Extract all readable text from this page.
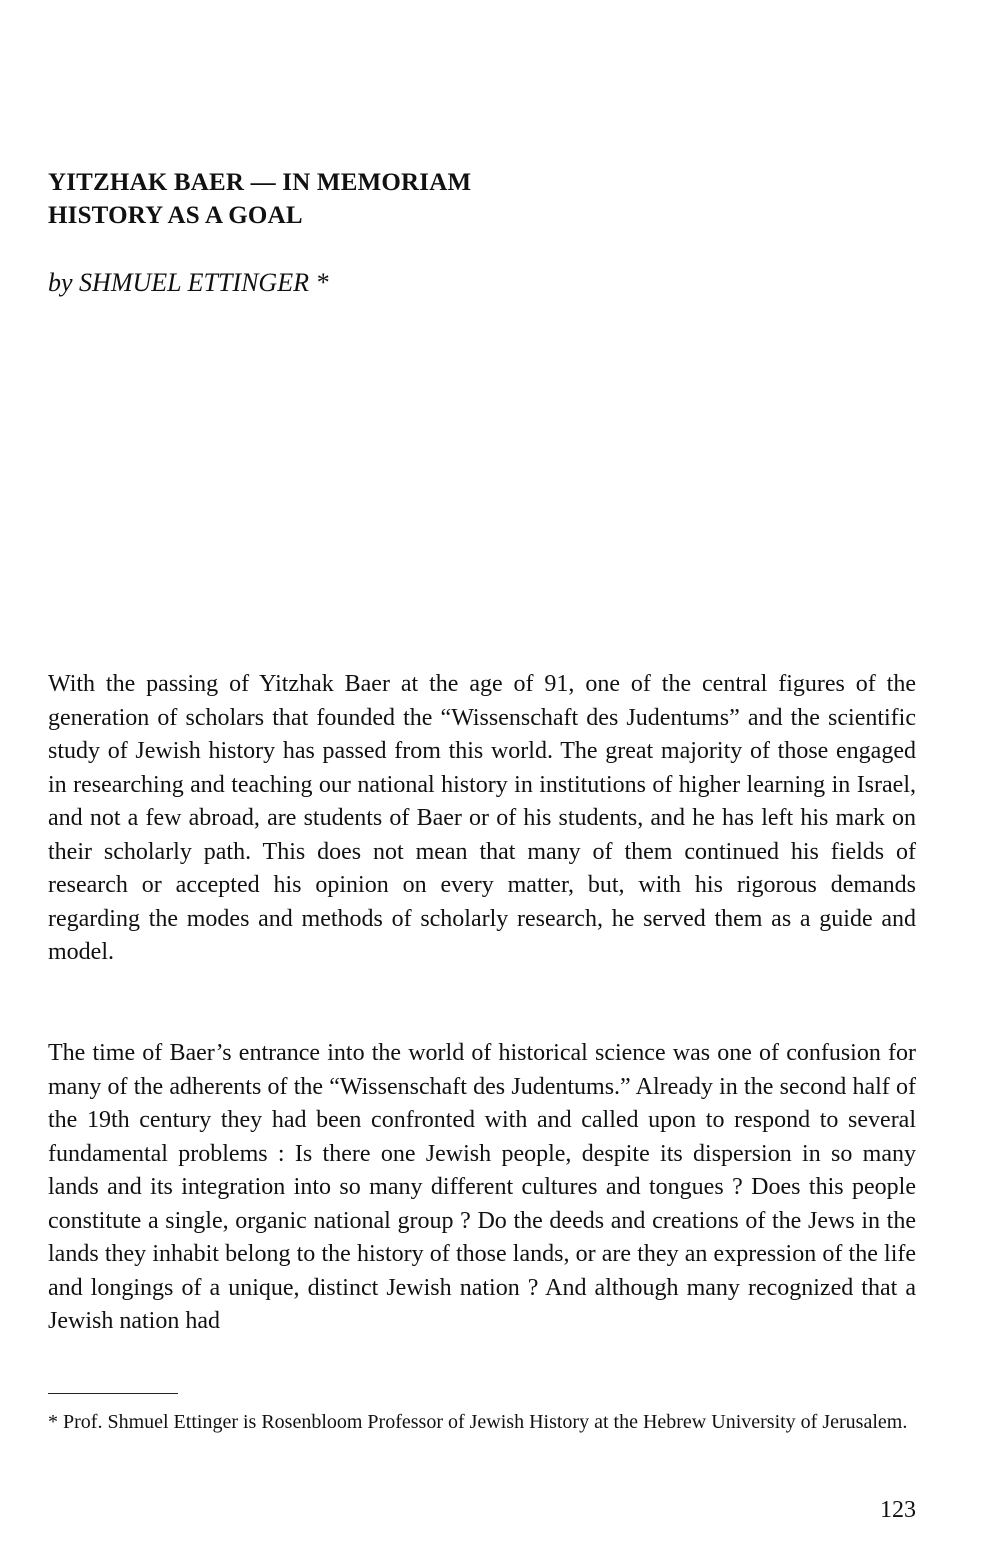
YITZHAK BAER — IN MEMORIAM
HISTORY AS A GOAL
by SHMUEL ETTINGER *

With the passing of Yitzhak Baer at the age of 91, one of the central figures of the generation of scholars that founded the “Wissenschaft des Judentums” and the scientific study of Jewish history has passed from this world. The great majority of those engaged in researching and teaching our national history in institutions of higher learning in Israel, and not a few abroad, are students of Baer or of his students, and he has left his mark on their scholarly path. This does not mean that many of them continued his fields of research or accepted his opinion on every matter, but, with his rigorous demands regarding the modes and methods of scholarly research, he served them as a guide and model.

The time of Baer’s entrance into the world of historical science was one of confusion for many of the adherents of the “Wissenschaft des Judentums.” Already in the second half of the 19th century they had been confronted with and called upon to respond to several fundamental problems : Is there one Jewish people, despite its dispersion in so many lands and its integration into so many different cultures and tongues ? Does this people constitute a single, organic national group ? Do the deeds and creations of the Jews in the lands they inhabit belong to the history of those lands, or are they an expression of the life and longings of a unique, distinct Jewish nation ? And although many recognized that a Jewish nation had

* Prof. Shmuel Ettinger is Rosenbloom Professor of Jewish History at the Hebrew University of Jerusalem.

123
